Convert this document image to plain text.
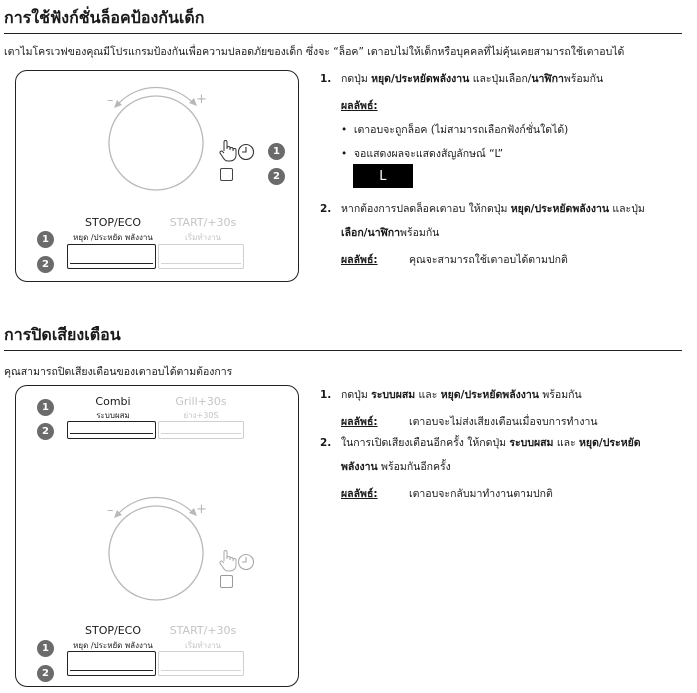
การใช้ฟังก์ชั่นล็อคป้องกันเด็ก
เตาไมโครเวฟของคุณมีโปรแกรมป้องกันเพื่อความปลอดภัยของเด็ก ซึ่งจะ “ล็อค” เตาอบไม่ให้เด็กหรือบุคคลที่ไม่คุ้นเคยสามารถใช้เตาอบได้
–	+
1
2
STOP/ECO
หยุด /ประหยัด พลังงาน
START/+30s
เริ่มทำงาน
1
2
1. กดปุ่ม หยุด/ประหยัดพลังงาน และปุ่มเลือก/นาฬิกาพร้อมกัน
ผลลัพธ์:
•  เตาอบจะถูกล็อค (ไม่สามารถเลือกฟังก์ชั่นใดได้)
•  จอแสดงผลจะแสดงสัญลักษณ์ “L”
L
2. หากต้องการปลดล็อคเตาอบ ให้กดปุ่ม หยุด/ประหยัดพลังงาน และปุ่ม
เลือก/นาฬิกาพร้อมกัน
ผลลัพธ์:	คุณจะสามารถใช้เตาอบได้ตามปกติ
การปิดเสียงเตือน
คุณสามารถปิดเสียงเตือนของเตาอบได้ตามต้องการ
1
2
Combi
ระบบผสม
Grill+30s
ย่าง+30S
–	+
STOP/ECO
หยุด /ประหยัด พลังงาน
START/+30s
เริ่มทำงาน
1
2
1. กดปุ่ม ระบบผสม และ หยุด/ประหยัดพลังงาน พร้อมกัน
ผลลัพธ์:	เตาอบจะไม่ส่งเสียงเตือนเมื่อจบการทำงาน
2. ในการเปิดเสียงเตือนอีกครั้ง ให้กดปุ่ม ระบบผสม และ หยุด/ประหยัด
พลังงาน พร้อมกันอีกครั้ง
ผลลัพธ์:	เตาอบจะกลับมาทำงานตามปกติ
